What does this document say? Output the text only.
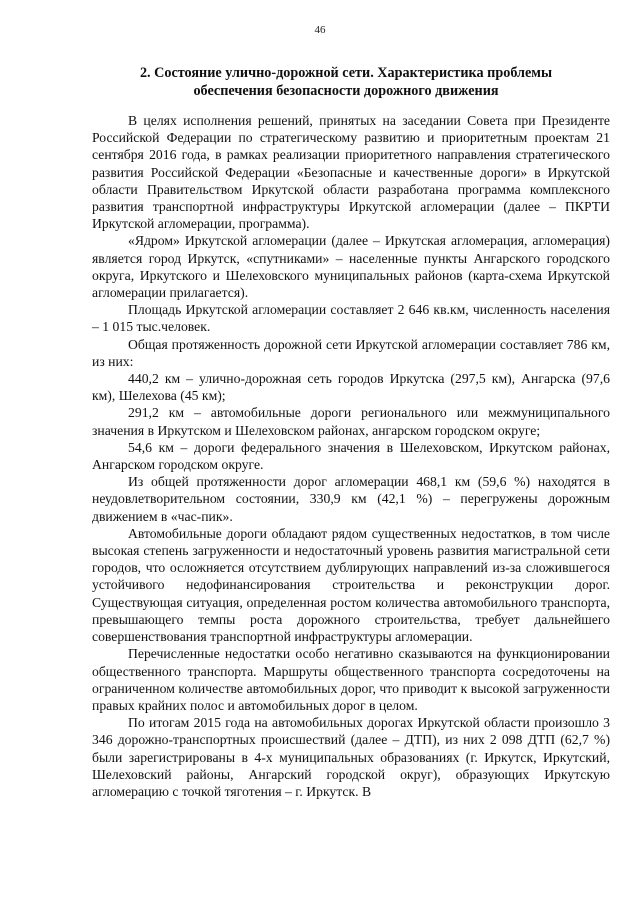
46
2. Состояние улично-дорожной сети. Характеристика проблемы
обеспечения безопасности дорожного движения

В целях исполнения решений, принятых на заседании Совета при Президенте Российской Федерации по стратегическому развитию и приоритетным проектам 21 сентября 2016 года, в рамках реализации приоритетного направления стратегического развития Российской Федерации «Безопасные и качественные дороги» в Иркутской области Правительством Иркутской области разработана программа комплексного развития транспортной инфраструктуры Иркутской агломерации (далее – ПКРТИ Иркутской агломерации, программа).

«Ядром» Иркутской агломерации (далее – Иркутская агломерация, агломерация) является город Иркутск, «спутниками» – населенные пункты Ангарского городского округа, Иркутского и Шелеховского муниципальных районов (карта-схема Иркутской агломерации прилагается).

Площадь Иркутской агломерации составляет 2 646 кв.км, численность населения – 1 015 тыс.человек.

Общая протяженность дорожной сети Иркутской агломерации составляет 786 км, из них:

440,2 км – улично-дорожная сеть городов Иркутска (297,5 км), Ангарска (97,6 км), Шелехова (45 км);

291,2 км – автомобильные дороги регионального или межмуниципального значения в Иркутском и Шелеховском районах, ангарском городском округе;

54,6 км – дороги федерального значения в Шелеховском, Иркутском районах, Ангарском городском округе.

Из общей протяженности дорог агломерации 468,1 км (59,6 %) находятся в неудовлетворительном состоянии, 330,9 км (42,1 %) – перегружены дорожным движением в «час-пик».

Автомобильные дороги обладают рядом существенных недостатков, в том числе высокая степень загруженности и недостаточный уровень развития магистральной сети городов, что осложняется отсутствием дублирующих направлений из-за сложившегося устойчивого недофинансирования строительства и реконструкции дорог. Существующая ситуация, определенная ростом количества автомобильного транспорта, превышающего темпы роста дорожного строительства, требует дальнейшего совершенствования транспортной инфраструктуры агломерации.

Перечисленные недостатки особо негативно сказываются на функционировании общественного транспорта. Маршруты общественного транспорта сосредоточены на ограниченном количестве автомобильных дорог, что приводит к высокой загруженности правых крайних полос и автомобильных дорог в целом.

По итогам 2015 года на автомобильных дорогах Иркутской области произошло 3 346 дорожно-транспортных происшествий (далее – ДТП), из них 2 098 ДТП (62,7 %) были зарегистрированы в 4-х муниципальных образованиях (г. Иркутск, Иркутский, Шелеховский районы, Ангарский городской округ), образующих Иркутскую агломерацию с точкой тяготения – г. Иркутск. В
